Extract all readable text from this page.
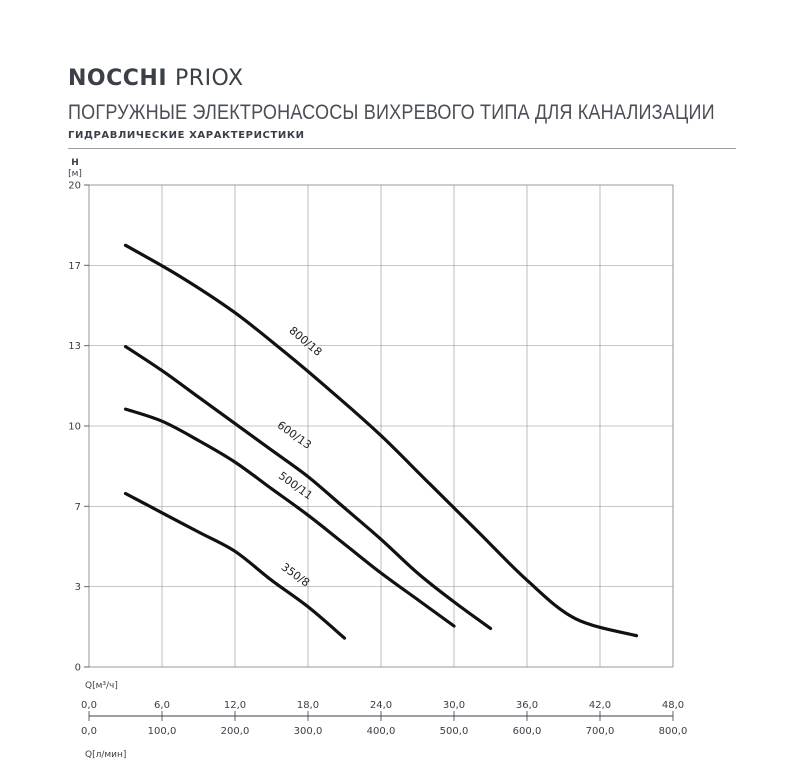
NOCCHI PRIOX
ПОГРУЖНЫЕ ЭЛЕКТРОНАСОСЫ ВИХРЕВОГО ТИПА ДЛЯ КАНАЛИЗАЦИИ
ГИДРАВЛИЧЕСКИЕ ХАРАКТЕРИСТИКИ
0
3
7
10
13
17
20
H
[м]
Q[м³/ч]
0,0
0,0
6,0
100,0
12,0
200,0
18,0
300,0
24,0
400,0
30,0
500,0
36,0
600,0
42,0
700,0
48,0
800,0
Q[л/мин]
800/18
600/13
500/11
350/8
